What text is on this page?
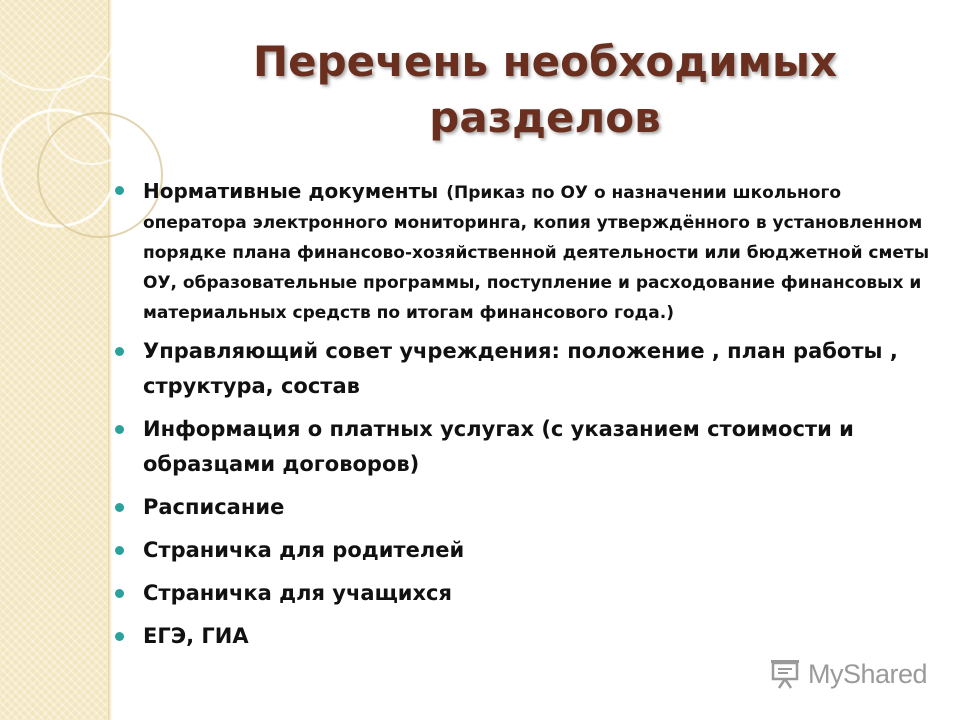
Перечень необходимых
разделов
Нормативные документы (Приказ по ОУ о назначении школьного оператора электронного мониторинга, копия утверждённого в установленном порядке плана финансово-хозяйственной деятельности или бюджетной сметы ОУ, образовательные программы, поступление и расходование финансовых и материальных средств по итогам финансового года.)
Управляющий совет учреждения: положение , план работы , структура, состав
Информация о платных услугах (с указанием стоимости и образцами договоров)
Расписание
Страничка для родителей
Страничка для учащихся
ЕГЭ, ГИА
MyShared
